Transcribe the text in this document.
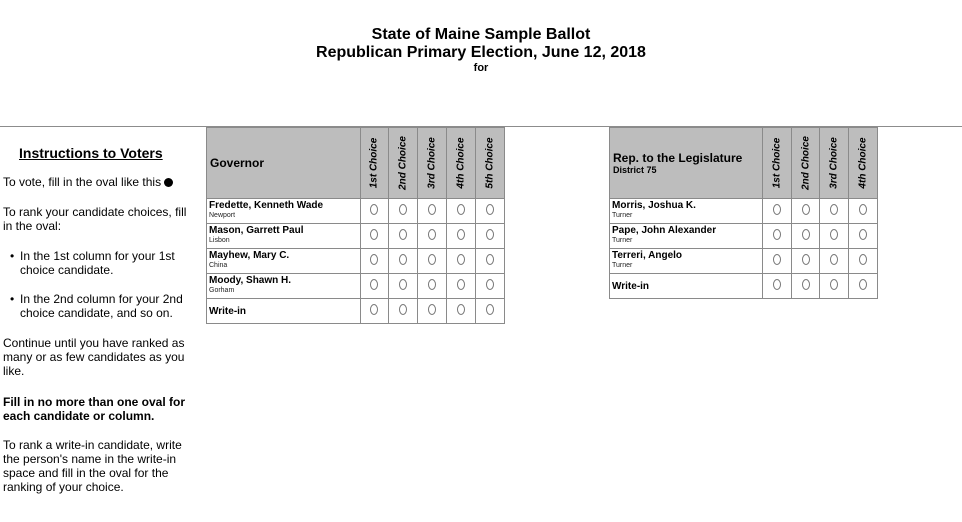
State of Maine Sample Ballot
Republican Primary Election, June 12, 2018
for
Instructions to Voters
To vote, fill in the oval like this

To rank your candidate choices, fill

in the oval:

• In the 1st column for your 1st

choice candidate.

• In the 2nd column for your 2nd

choice candidate, and so on.

Continue until you have ranked as

many or as few candidates as you

like.

Fill in no more than one oval for

each candidate or column.

To rank a write-in candidate, write

the person's name in the write-in

space and fill in the oval for the

ranking of your choice.

Governor	1st Choice	2nd Choice	3rd Choice	4th Choice	5th Choice

Fredette, Kenneth Wade
Newport					

Mason, Garrett Paul
Lisbon					

Mayhew, Mary C.
China					

Moody, Shawn H.
Gorham					

Write-in					

Rep. to the Legislature
District 75	1st Choice	2nd Choice	3rd Choice	4th Choice

Morris, Joshua K.
Turner				

Pape, John Alexander
Turner				

Terreri, Angelo
Turner				

Write-in				
